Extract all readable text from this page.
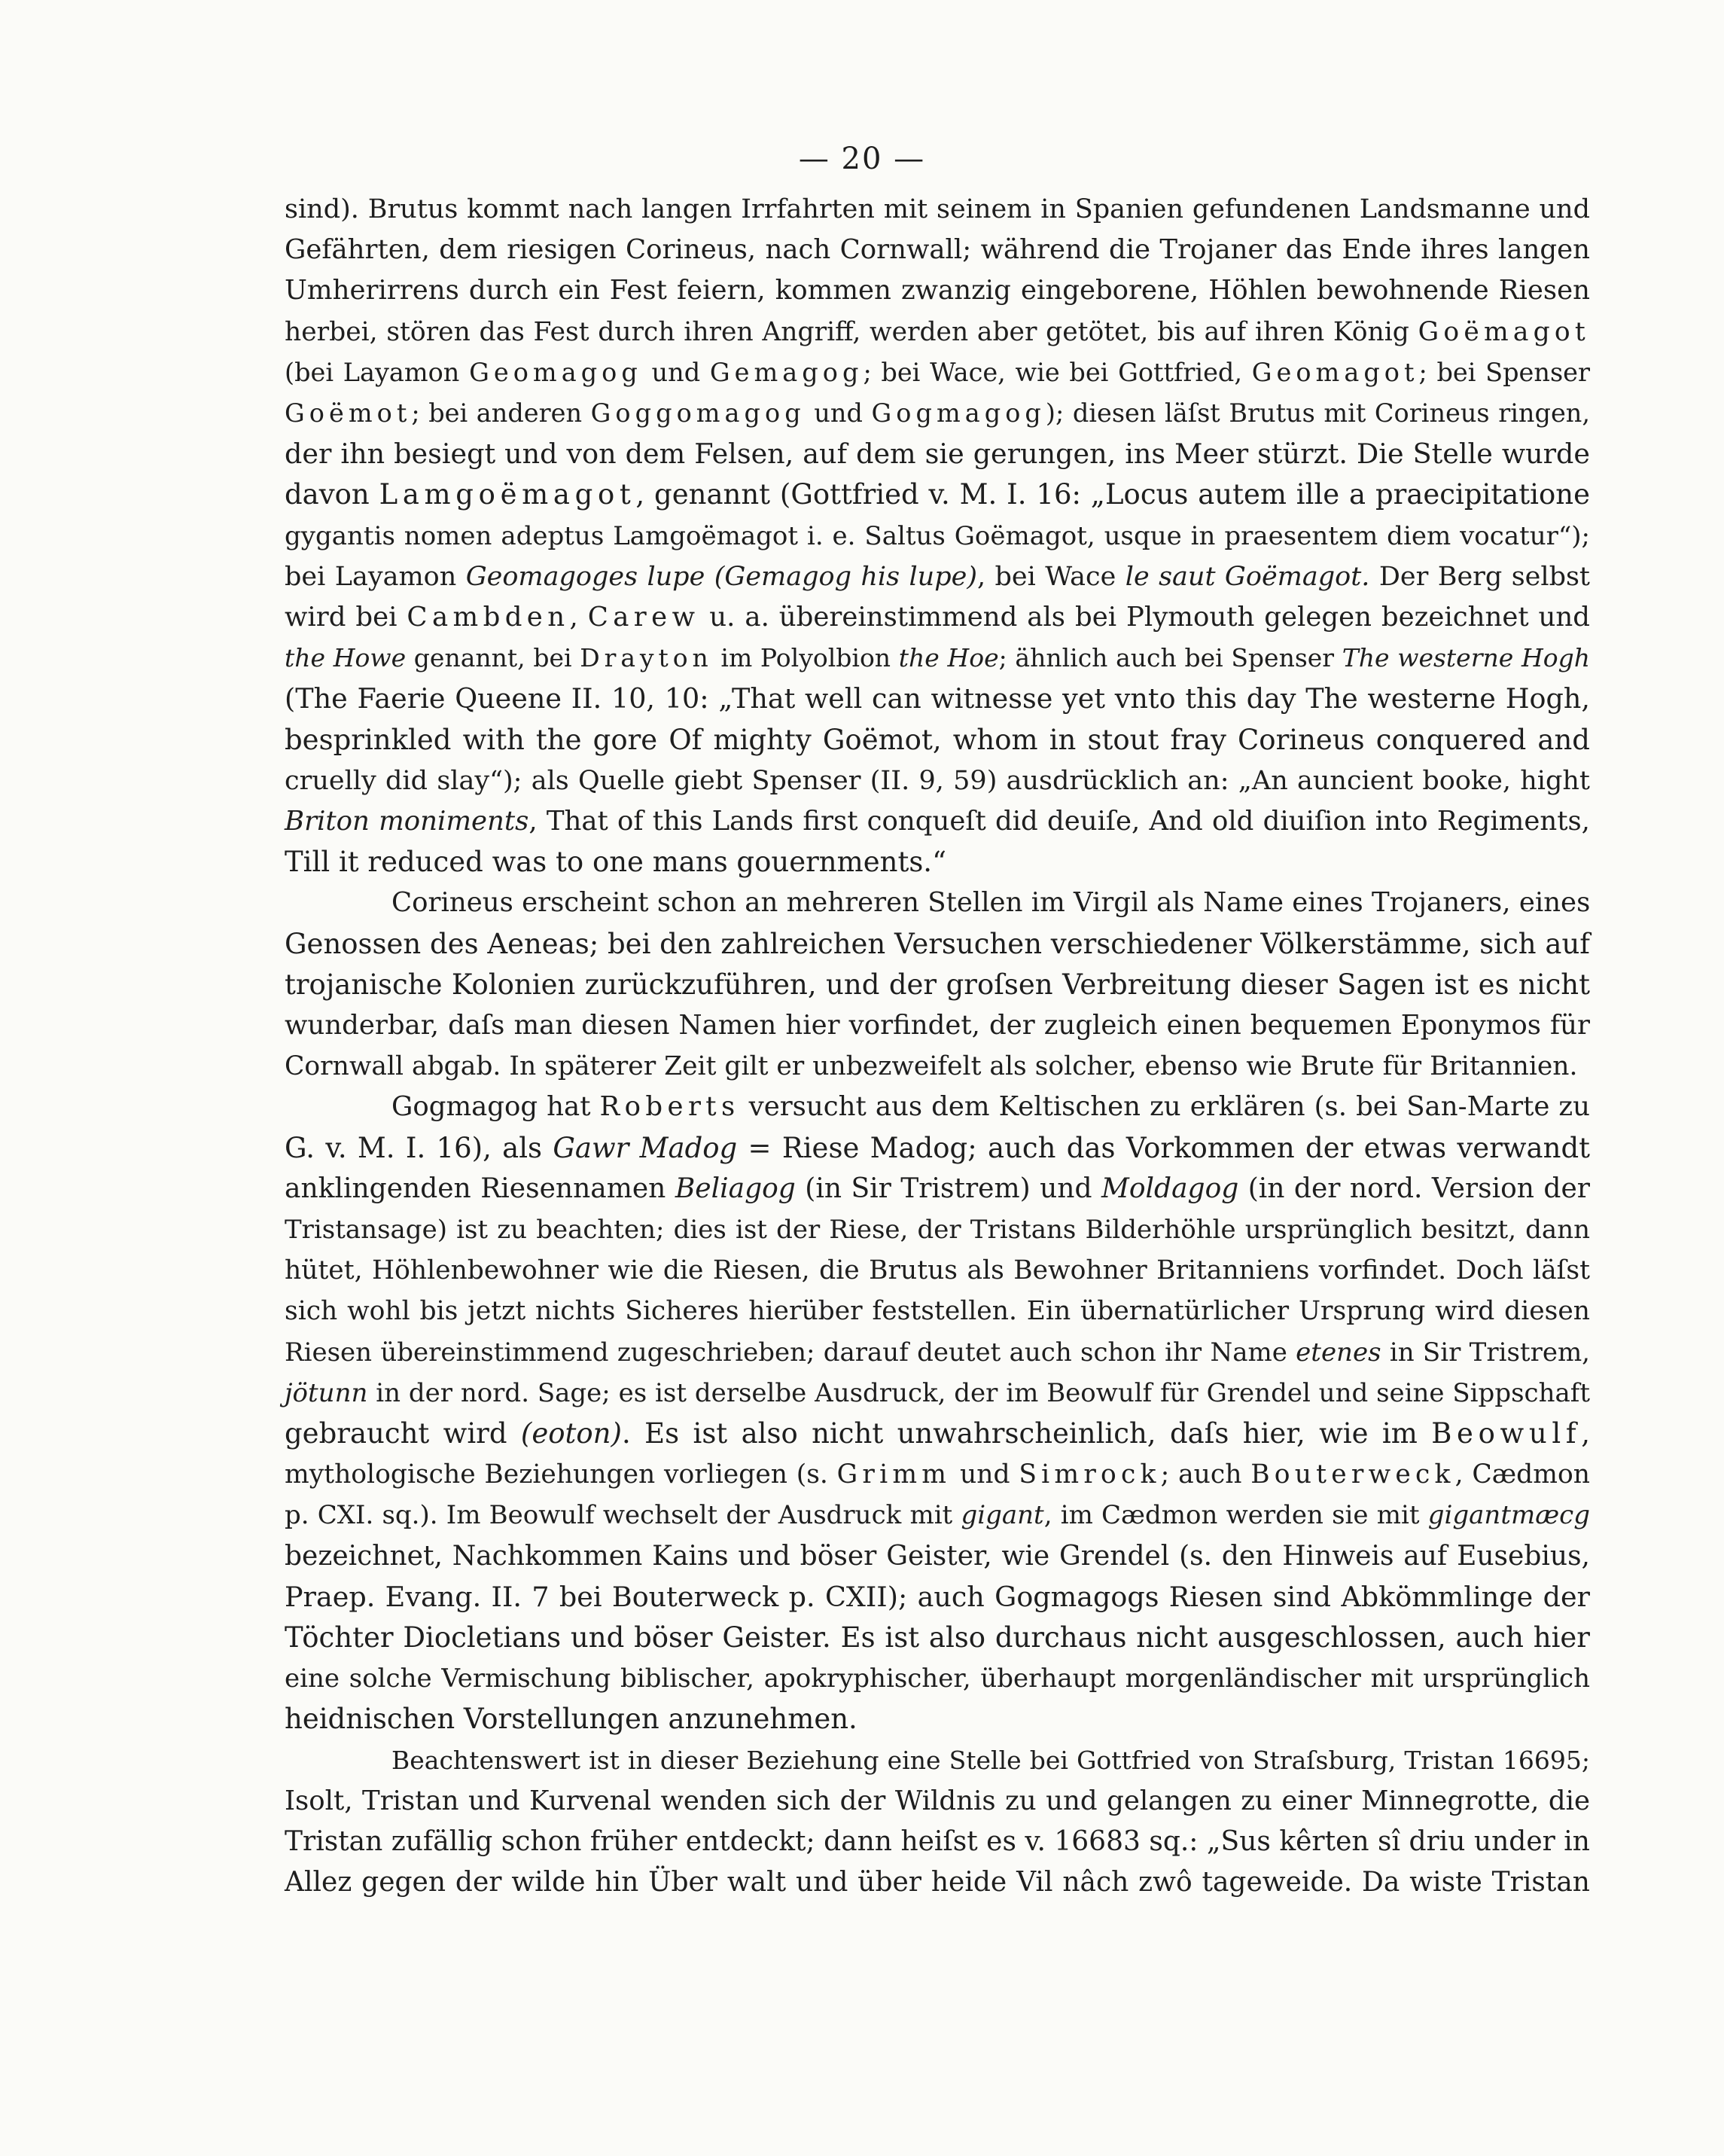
— 20 —
sind). Brutus kommt nach langen Irrfahrten mit seinem in Spanien gefundenen Landsmanne und
Gefährten, dem riesigen Corineus, nach Cornwall; während die Trojaner das Ende ihres langen
Umherirrens durch ein Fest feiern, kommen zwanzig eingeborene, Höhlen bewohnende Riesen
herbei, stören das Fest durch ihren Angriff, werden aber getötet, bis auf ihren König Goëmagot
(bei Layamon Geomagog und Gemagog; bei Wace, wie bei Gottfried, Geomagot; bei Spenser
Goëmot; bei anderen Goggomagog und Gogmagog); diesen läſst Brutus mit Corineus ringen,
der ihn besiegt und von dem Felsen, auf dem sie gerungen, ins Meer stürzt. Die Stelle wurde
davon Lamgoëmagot, genannt (Gottfried v. M. I. 16: „Locus autem ille a praecipitatione
gygantis nomen adeptus Lamgoëmagot i. e. Saltus Goëmagot, usque in praesentem diem vocatur“);
bei Layamon Geomagoges lupe (Gemagog his lupe), bei Wace le saut Goëmagot. Der Berg selbst
wird bei Cambden, Carew u. a. übereinstimmend als bei Plymouth gelegen bezeichnet und
the Howe genannt, bei Drayton im Polyolbion the Hoe; ähnlich auch bei Spenser The westerne Hogh
(The Faerie Queene II. 10, 10: „That well can witnesse yet vnto this day The westerne Hogh,
besprinkled with the gore Of mighty Goëmot, whom in stout fray Corineus conquered and
cruelly did slay“); als Quelle giebt Spenser (II. 9, 59) ausdrücklich an: „An auncient booke, hight
Briton moniments, That of this Lands first conqueſt did deuiſe, And old diuiſion into Regiments,
Till it reduced was to one mans gouernments.“
Corineus erscheint schon an mehreren Stellen im Virgil als Name eines Trojaners, eines
Genossen des Aeneas; bei den zahlreichen Versuchen verschiedener Völkerstämme, sich auf
trojanische Kolonien zurückzuführen, und der groſsen Verbreitung dieser Sagen ist es nicht
wunderbar, daſs man diesen Namen hier vorfindet, der zugleich einen bequemen Eponymos für
Cornwall abgab. In späterer Zeit gilt er unbezweifelt als solcher, ebenso wie Brute für Britannien.
Gogmagog hat Roberts versucht aus dem Keltischen zu erklären (s. bei San-Marte zu
G. v. M. I. 16), als Gawr Madog = Riese Madog; auch das Vorkommen der etwas verwandt
anklingenden Riesennamen Beliagog (in Sir Tristrem) und Moldagog (in der nord. Version der
Tristansage) ist zu beachten; dies ist der Riese, der Tristans Bilderhöhle ursprünglich besitzt, dann
hütet, Höhlenbewohner wie die Riesen, die Brutus als Bewohner Britanniens vorfindet. Doch läſst
sich wohl bis jetzt nichts Sicheres hierüber feststellen. Ein übernatürlicher Ursprung wird diesen
Riesen übereinstimmend zugeschrieben; darauf deutet auch schon ihr Name etenes in Sir Tristrem,
jötunn in der nord. Sage; es ist derselbe Ausdruck, der im Beowulf für Grendel und seine Sippschaft
gebraucht wird (eoton). Es ist also nicht unwahrscheinlich, daſs hier, wie im Beowulf,
mythologische Beziehungen vorliegen (s. Grimm und Simrock; auch Bouterweck, Cædmon
p. CXI. sq.). Im Beowulf wechselt der Ausdruck mit gigant, im Cædmon werden sie mit gigantmæcg
bezeichnet, Nachkommen Kains und böser Geister, wie Grendel (s. den Hinweis auf Eusebius,
Praep. Evang. II. 7 bei Bouterweck p. CXII); auch Gogmagogs Riesen sind Abkömmlinge der
Töchter Diocletians und böser Geister. Es ist also durchaus nicht ausgeschlossen, auch hier
eine solche Vermischung biblischer, apokryphischer, überhaupt morgenländischer mit ursprünglich
heidnischen Vorstellungen anzunehmen.
Beachtenswert ist in dieser Beziehung eine Stelle bei Gottfried von Straſsburg, Tristan 16695;
Isolt, Tristan und Kurvenal wenden sich der Wildnis zu und gelangen zu einer Minnegrotte, die
Tristan zufällig schon früher entdeckt; dann heiſst es v. 16683 sq.: „Sus kêrten sî driu under in
Allez gegen der wilde hin Über walt und über heide Vil nâch zwô tageweide. Da wiste Tristan
